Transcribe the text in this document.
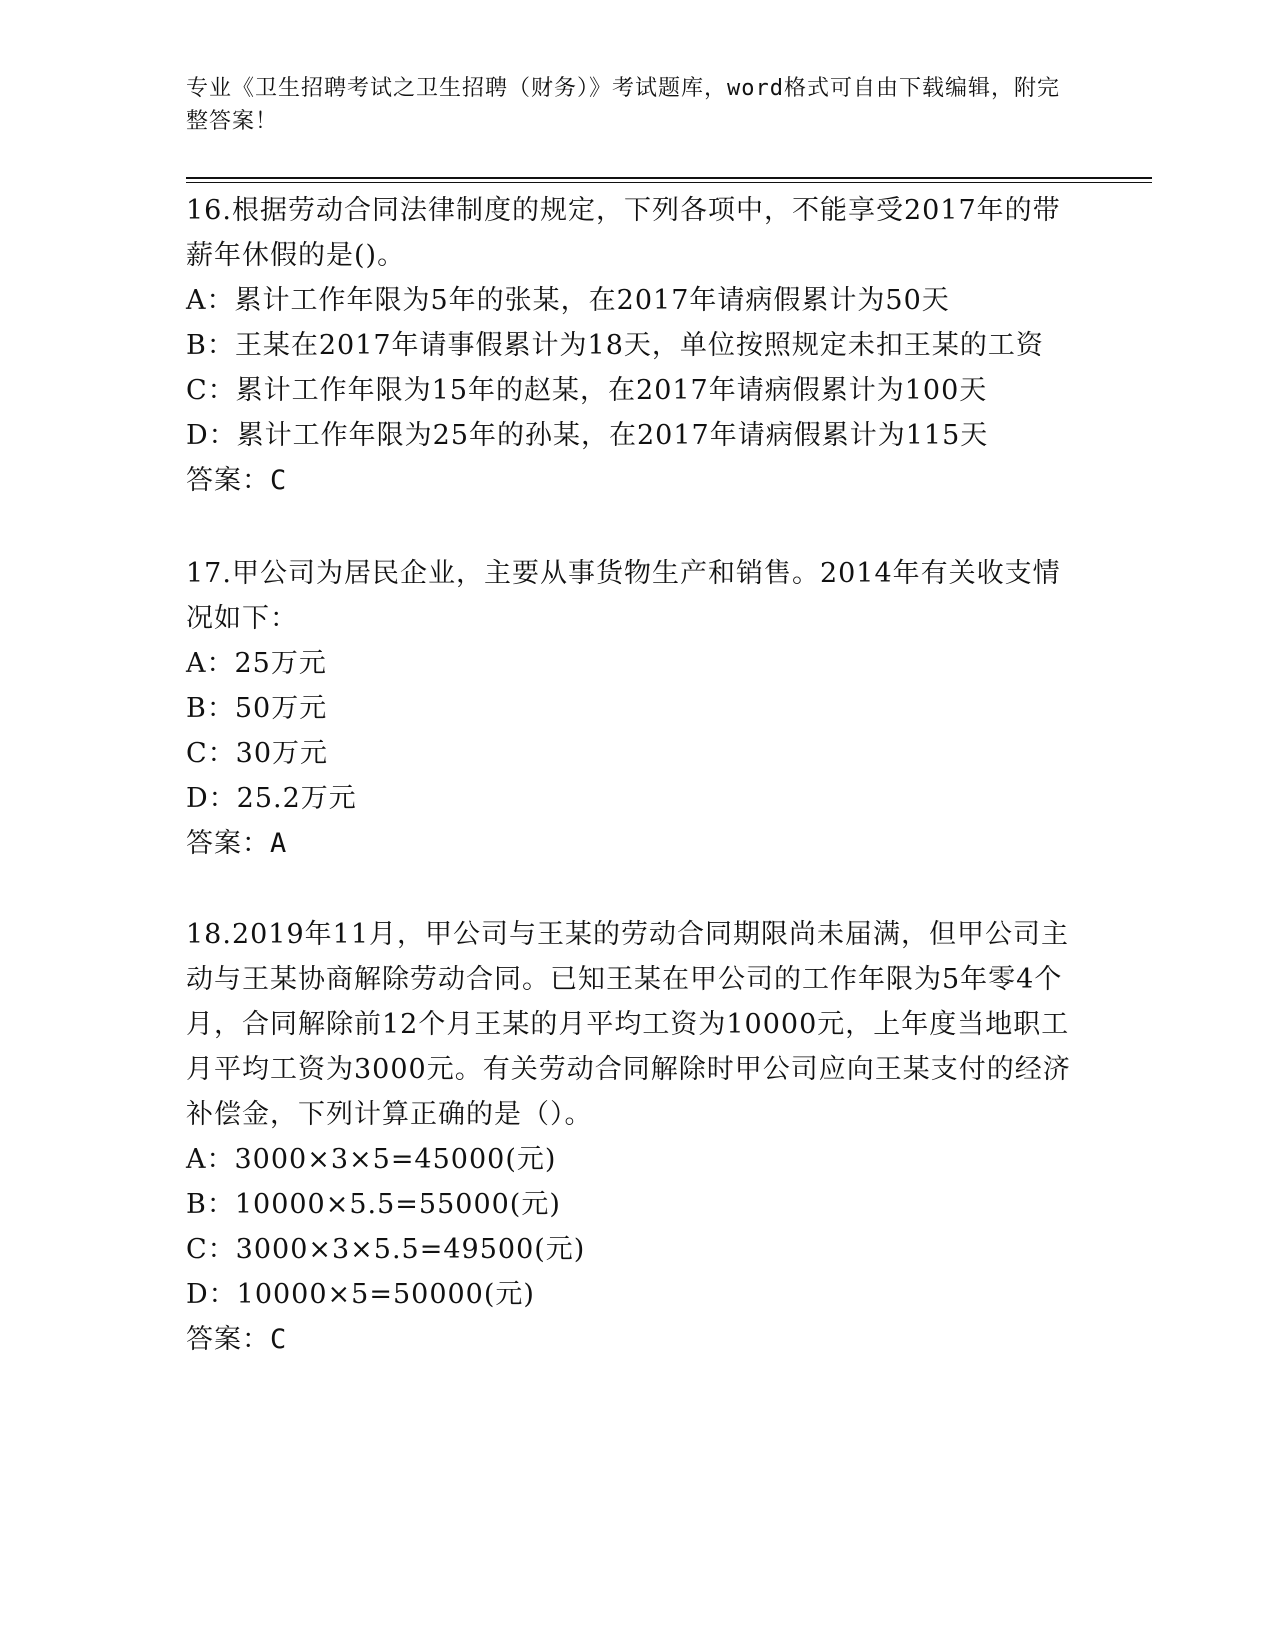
专业《卫生招聘考试之卫生招聘（财务）》考试题库，word格式可自由下载编辑，附完整答案！

16.根据劳动合同法律制度的规定，下列各项中，不能享受2017年的带薪年休假的是()。

A：累计工作年限为5年的张某，在2017年请病假累计为50天

B：王某在2017年请事假累计为18天，单位按照规定未扣王某的工资

C：累计工作年限为15年的赵某，在2017年请病假累计为100天

D：累计工作年限为25年的孙某，在2017年请病假累计为115天

答案：C

17.甲公司为居民企业，主要从事货物生产和销售。2014年有关收支情况如下：

A：25万元

B：50万元

C：30万元

D：25.2万元

答案：A

18.2019年11月，甲公司与王某的劳动合同期限尚未届满，但甲公司主动与王某协商解除劳动合同。已知王某在甲公司的工作年限为5年零4个月，合同解除前12个月王某的月平均工资为10000元，上年度当地职工月平均工资为3000元。有关劳动合同解除时甲公司应向王某支付的经济补偿金，下列计算正确的是（）。

A：3000×3×5=45000(元)

B：10000×5.5=55000(元)

C：3000×3×5.5=49500(元)

D：10000×5=50000(元)

答案：C
